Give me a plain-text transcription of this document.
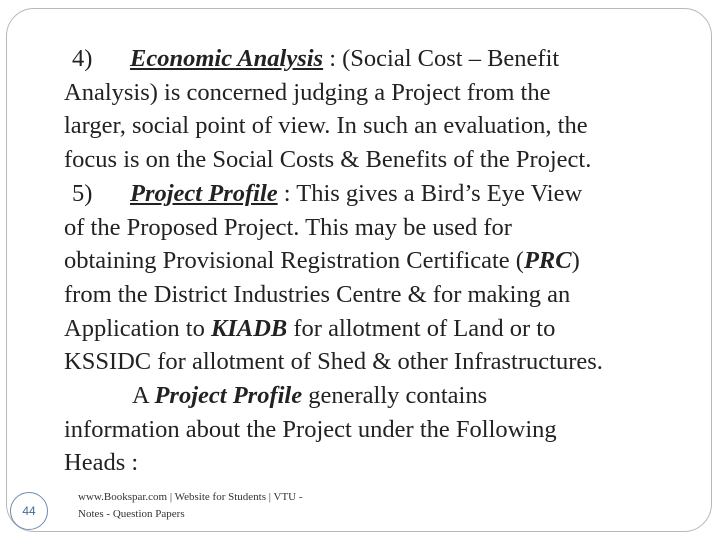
4) Economic Analysis : (Social Cost – Benefit
Analysis) is concerned judging a Project from the
larger, social point of view. In such an evaluation, the
focus is on the Social Costs & Benefits of the Project.
5) Project Profile : This gives a Bird’s Eye View
of the Proposed Project. This may be used for
obtaining Provisional Registration Certificate (PRC)
from the District Industries Centre & for making an
Application to KIADB for allotment of Land or to
KSSIDC for allotment of Shed & other Infrastructures.
A Project Profile generally contains
information about the Project under the Following
Heads :
44
www.Bookspar.com | Website for Students | VTU -
Notes - Question Papers
